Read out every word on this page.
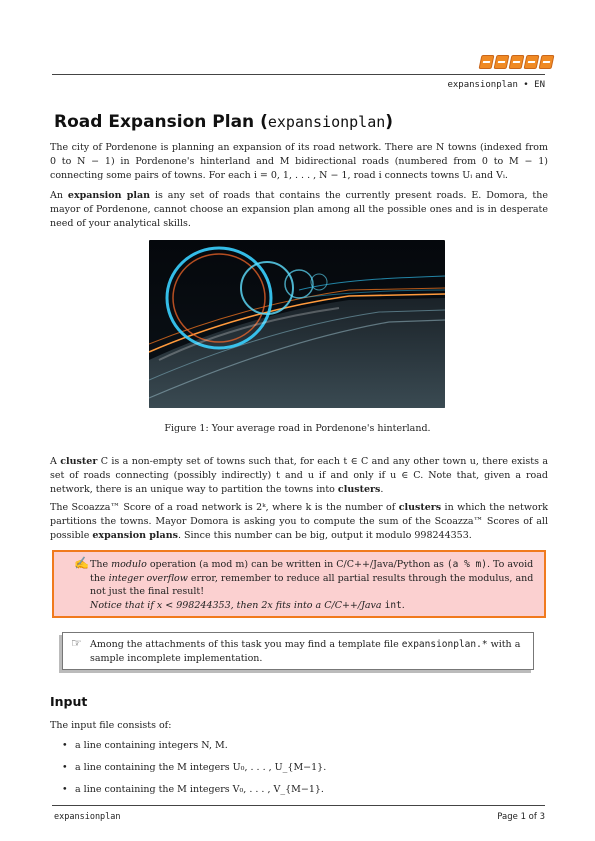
expansionplan • EN
Road Expansion Plan (expansionplan)
The city of Pordenone is planning an expansion of its road network. There are N towns (indexed from 0 to N − 1) in Pordenone's hinterland and M bidirectional roads (numbered from 0 to M − 1) connecting some pairs of towns. For each i = 0, 1, . . . , N − 1, road i connects towns Uᵢ and Vᵢ.
An expansion plan is any set of roads that contains the currently present roads. E. Domora, the mayor of Pordenone, cannot choose an expansion plan among all the possible ones and is in desperate need of your analytical skills.
Figure 1: Your average road in Pordenone's hinterland.
A cluster C is a non-empty set of towns such that, for each t ∈ C and any other town u, there exists a set of roads connecting (possibly indirectly) t and u if and only if u ∈ C. Note that, given a road network, there is an unique way to partition the towns into clusters.
The Scoazza™ Score of a road network is 2ᵏ, where k is the number of clusters in which the network partitions the towns. Mayor Domora is asking you to compute the sum of the Scoazza™ Scores of all possible expansion plans. Since this number can be big, output it modulo 998244353.
✍ The modulo operation (a mod m) can be written in C/C++/Java/Python as (a % m). To avoid the integer overflow error, remember to reduce all partial results through the modulus, and not just the final result!
Notice that if x < 998244353, then 2x fits into a C/C++/Java int.
☞ Among the attachments of this task you may find a template file expansionplan.* with a sample incomplete implementation.
Input
The input file consists of:
• a line containing integers N, M.
• a line containing the M integers U₀, . . . , U_{M−1}.
• a line containing the M integers V₀, . . . , V_{M−1}.
expansionplan	Page 1 of 3
